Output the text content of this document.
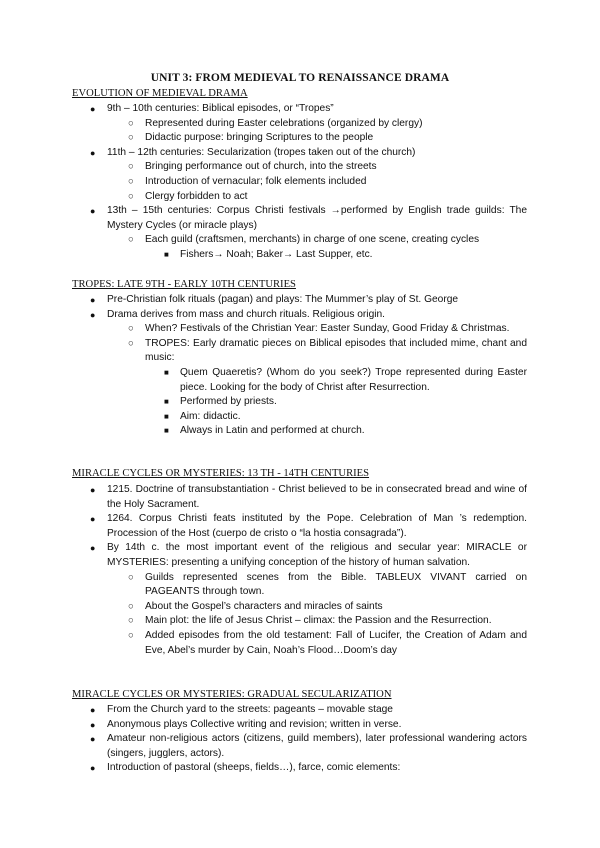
UNIT 3: FROM MEDIEVAL TO RENAISSANCE DRAMA
EVOLUTION OF MEDIEVAL DRAMA
● 9th – 10th centuries: Biblical episodes, or “Tropes”
○ Represented during Easter celebrations (organized by clergy)
○ Didactic purpose: bringing Scriptures to the people
● 11th – 12th centuries: Secularization (tropes taken out of the church)
○ Bringing performance out of church, into the streets
○ Introduction of vernacular; folk elements included
○ Clergy forbidden to act
● 13th – 15th centuries: Corpus Christi festivals →performed by English trade guilds: The Mystery Cycles (or miracle plays)
○ Each guild (craftsmen, merchants) in charge of one scene, creating cycles
■ Fishers→ Noah; Baker→ Last Supper, etc.
TROPES: LATE 9TH - EARLY 10TH CENTURIES
● Pre-Christian folk rituals (pagan) and plays: The Mummer’s play of St. George
● Drama derives from mass and church rituals. Religious origin.
○ When? Festivals of the Christian Year: Easter Sunday, Good Friday & Christmas.
○ TROPES: Early dramatic pieces on Biblical episodes that included mime, chant and music:
■ Quem Quaeretis? (Whom do you seek?) Trope represented during Easter piece. Looking for the body of Christ after Resurrection.
■ Performed by priests.
■ Aim: didactic.
■ Always in Latin and performed at church.
MIRACLE CYCLES OR MYSTERIES: 13 TH - 14TH CENTURIES
● 1215. Doctrine of transubstantiation - Christ believed to be in consecrated bread and wine of the Holy Sacrament.
● 1264. Corpus Christi feats instituted by the Pope. Celebration of Man ’s redemption. Procession of the Host (cuerpo de cristo o “la hostia consagrada”).
● By 14th c. the most important event of the religious and secular year: MIRACLE or MYSTERIES: presenting a unifying conception of the history of human salvation.
○ Guilds represented scenes from the Bible. TABLEUX VIVANT carried on PAGEANTS through town.
○ About the Gospel’s characters and miracles of saints
○ Main plot: the life of Jesus Christ – climax: the Passion and the Resurrection.
○ Added episodes from the old testament: Fall of Lucifer, the Creation of Adam and Eve, Abel’s murder by Cain, Noah’s Flood…Doom’s day
MIRACLE CYCLES OR MYSTERIES: GRADUAL SECULARIZATION
● From the Church yard to the streets: pageants – movable stage
● Anonymous plays Collective writing and revision; written in verse.
● Amateur non-religious actors (citizens, guild members), later professional wandering actors (singers, jugglers, actors).
● Introduction of pastoral (sheeps, fields…), farce, comic elements:
